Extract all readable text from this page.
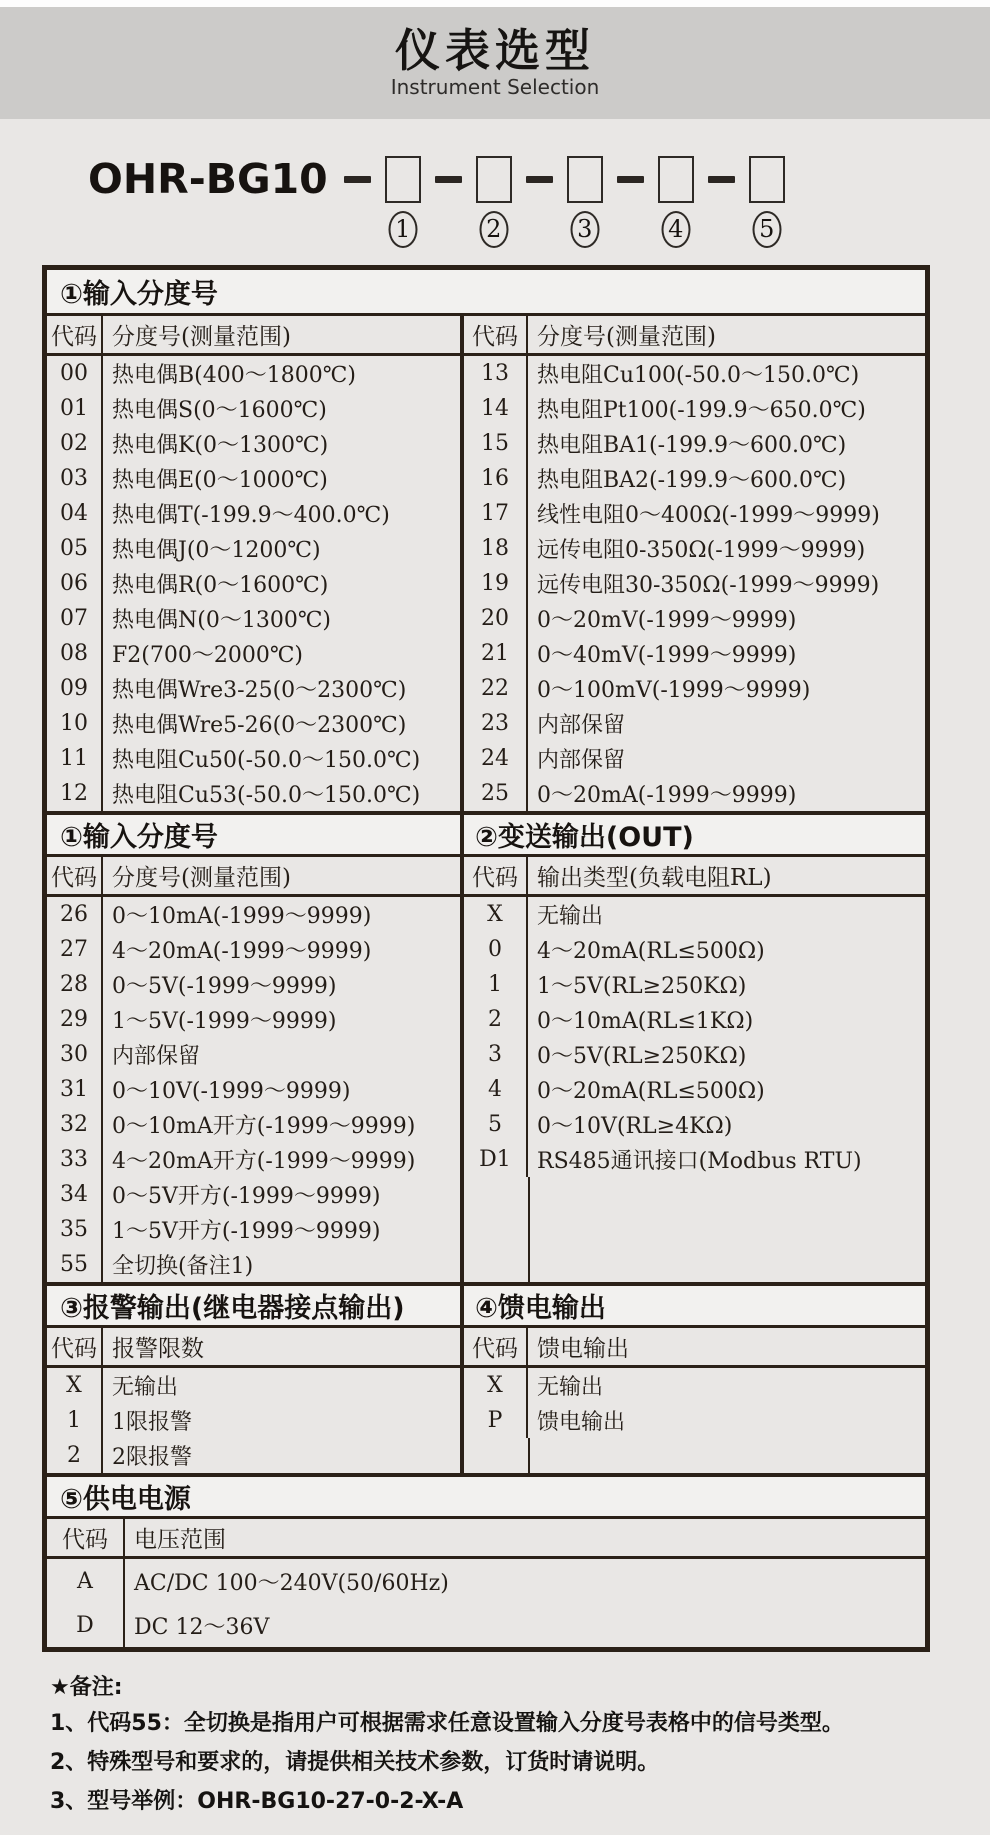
仪表选型
Instrument Selection
OHR-BG10
1	2	3	4	5
①输入分度号
代码 分度号(测量范围)
00	热电偶B(400～1800℃)
01	热电偶S(0～1600℃)
02	热电偶K(0～1300℃)
03	热电偶E(0～1000℃)
04	热电偶T(-199.9～400.0℃)
05	热电偶J(0～1200℃)
06	热电偶R(0～1600℃)
07	热电偶N(0～1300℃)
08	F2(700～2000℃)
09	热电偶Wre3-25(0～2300℃)
10	热电偶Wre5-26(0～2300℃)
11	热电阻Cu50(-50.0～150.0℃)
12	热电阻Cu53(-50.0～150.0℃)
代码 分度号(测量范围)
13	热电阻Cu100(-50.0～150.0℃)
14	热电阻Pt100(-199.9～650.0℃)
15	热电阻BA1(-199.9～600.0℃)
16	热电阻BA2(-199.9～600.0℃)
17	线性电阻0～400Ω(-1999～9999)
18	远传电阻0-350Ω(-1999～9999)
19	远传电阻30-350Ω(-1999～9999)
20	0～20mV(-1999～9999)
21	0～40mV(-1999～9999)
22	0～100mV(-1999～9999)
23	内部保留
24	内部保留
25	0～20mA(-1999～9999)
①输入分度号	②变送输出(OUT)
代码 分度号(测量范围)
26	0～10mA(-1999～9999)
27	4～20mA(-1999～9999)
28	0～5V(-1999～9999)
29	1～5V(-1999～9999)
30	内部保留
31	0～10V(-1999～9999)
32	0～10mA开方(-1999～9999)
33	4～20mA开方(-1999～9999)
34	0～5V开方(-1999～9999)
35	1～5V开方(-1999～9999)
55	全切换(备注1)
代码 输出类型(负载电阻RL)
X	无输出
0	4～20mA(RL≤500Ω)
1	1～5V(RL≥250KΩ)
2	0～10mA(RL≤1KΩ)
3	0～5V(RL≥250KΩ)
4	0～20mA(RL≤500Ω)
5	0～10V(RL≥4KΩ)
D1	RS485通讯接口(Modbus RTU)
③报警输出(继电器接点输出)	④馈电输出
代码 报警限数
X	无输出
1	1限报警
2	2限报警
代码 馈电输出
X	无输出
P	馈电输出
⑤供电电源
代码	电压范围
A	AC/DC 100～240V(50/60Hz)
D	DC 12～36V
★备注:
1、代码55：全切换是指用户可根据需求任意设置输入分度号表格中的信号类型。
2、特殊型号和要求的，请提供相关技术参数，订货时请说明。
3、型号举例：OHR-BG10-27-0-2-X-A
